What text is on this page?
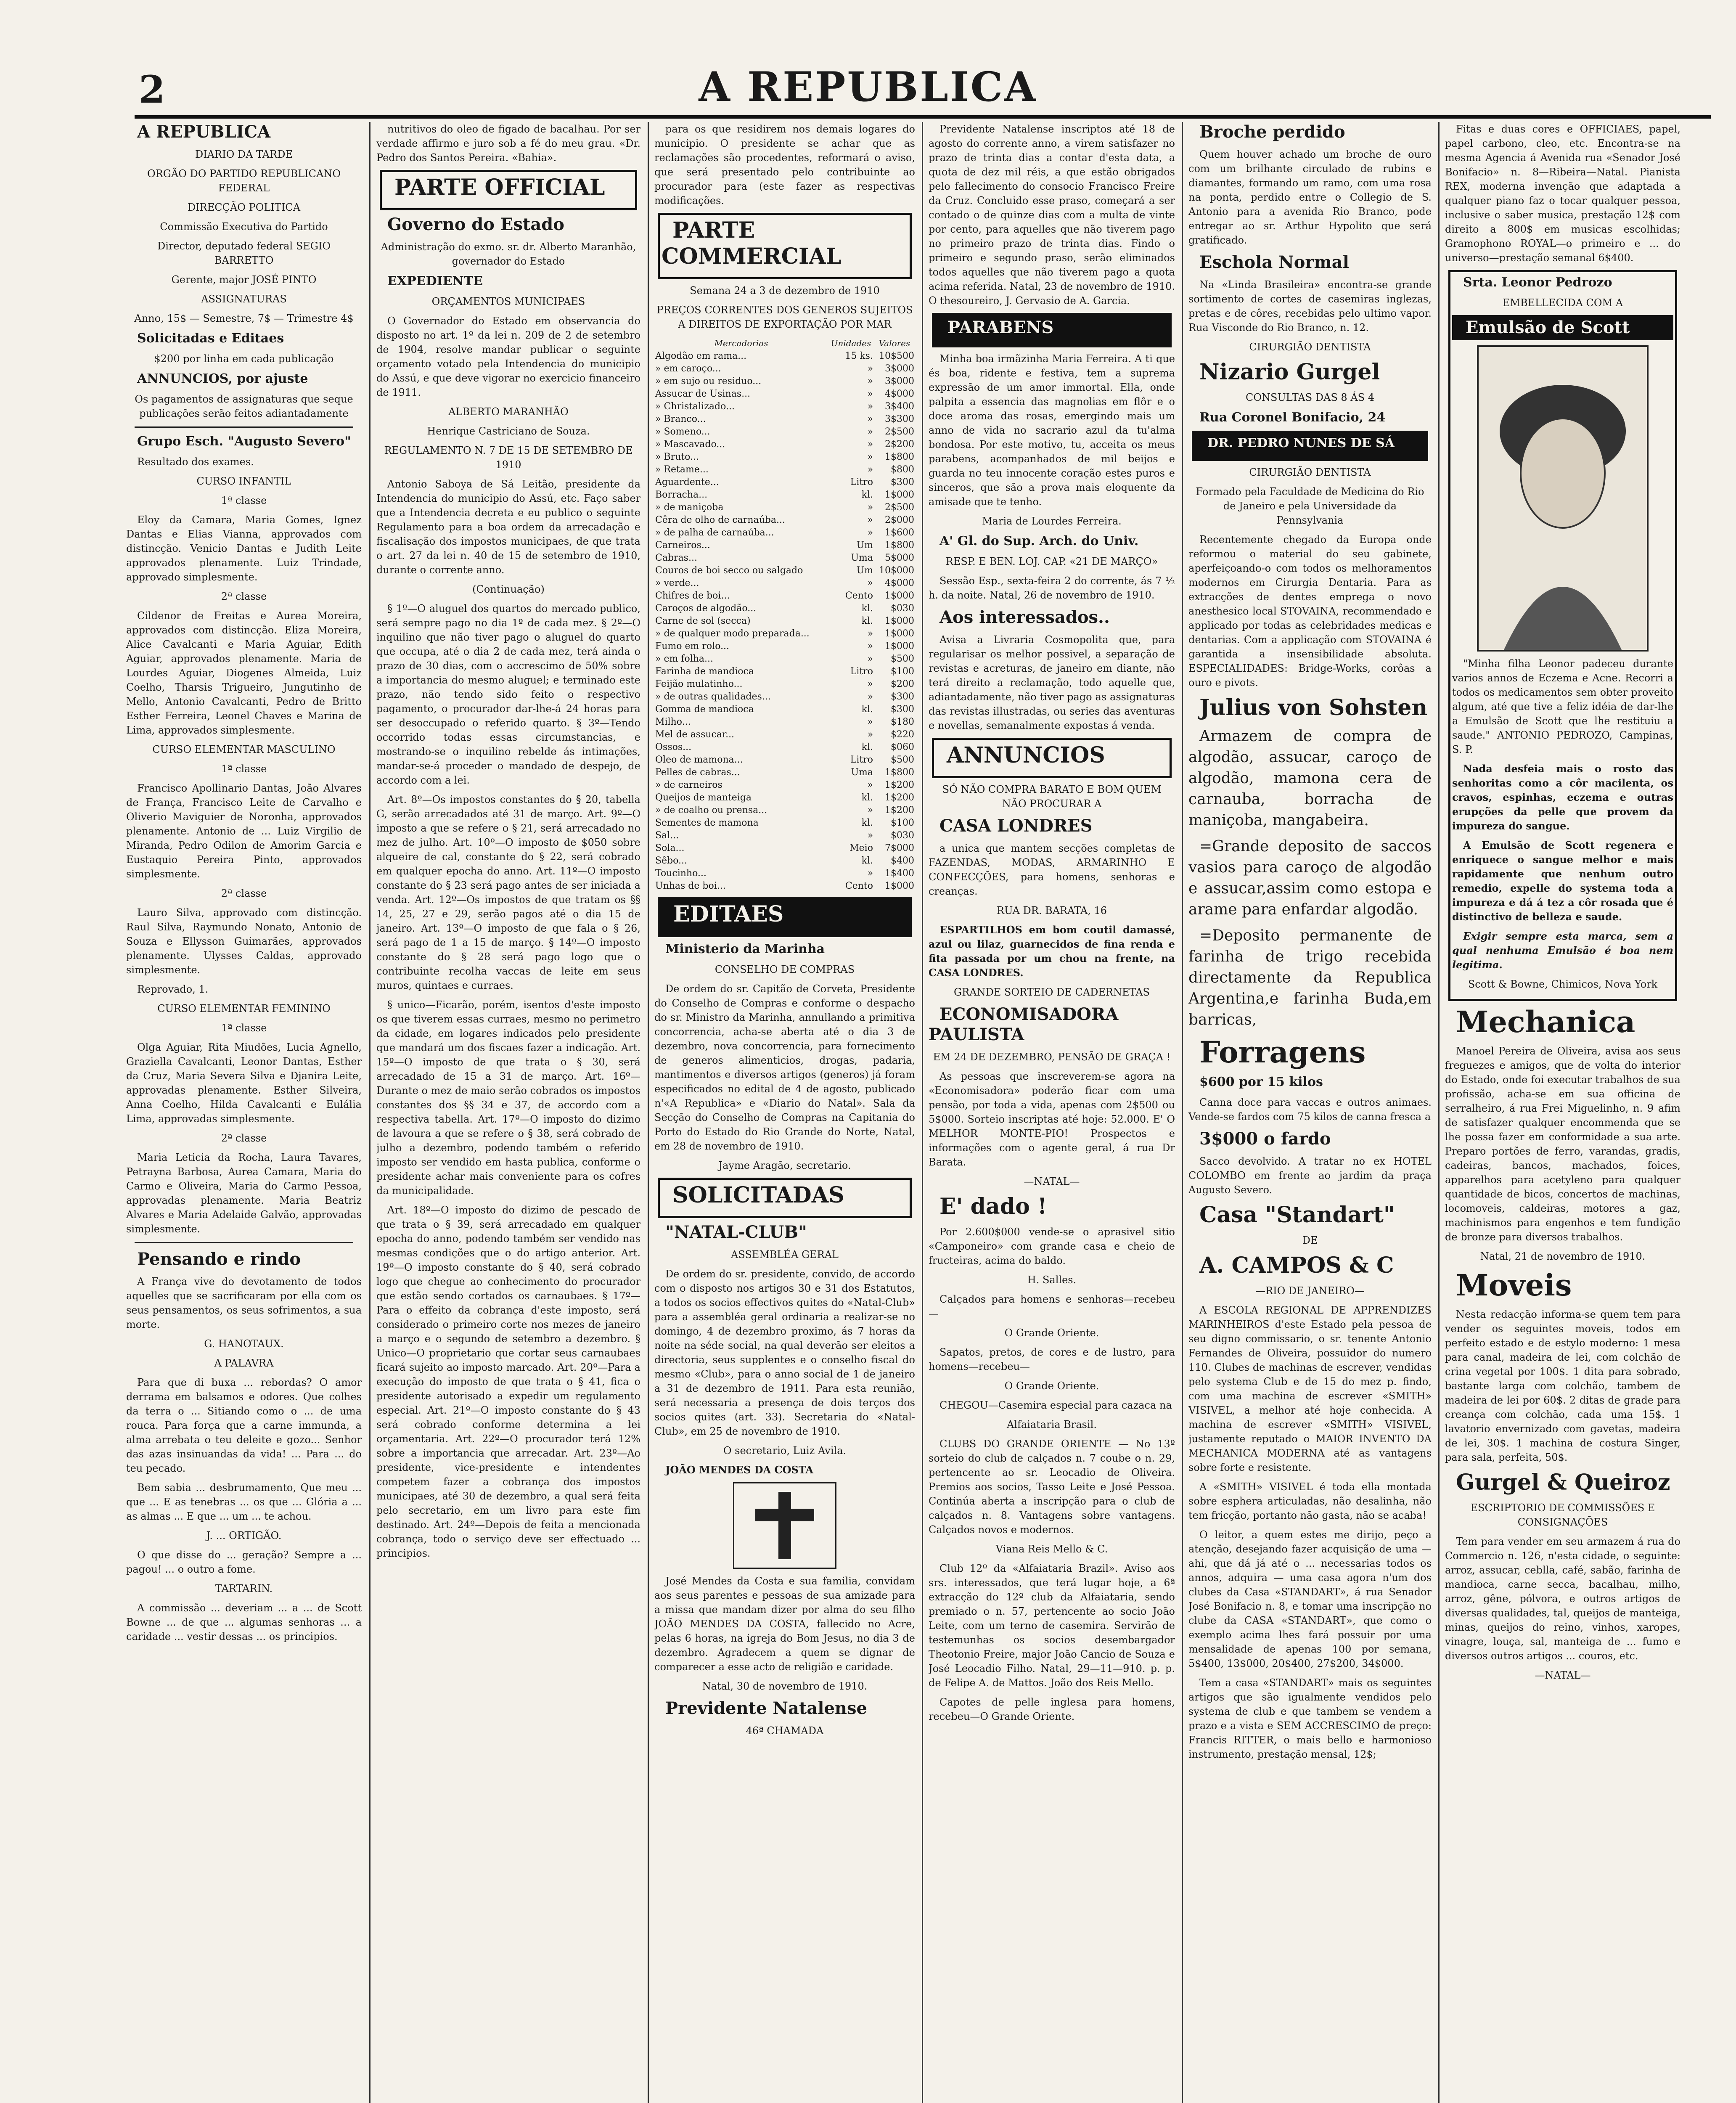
2	A REPUBLICA

A REPUBLICA

DIARIO DA TARDE

ORGÃO DO PARTIDO REPUBLICANO FEDERAL

DIRECÇÃO POLITICA

Commissão Executiva do Partido

Director, deputado federal SEGIO BARRETTO

Gerente, major JOSÉ PINTO

ASSIGNATURAS

Anno, 15$ — Semestre, 7$ — Trimestre 4$

Solicitadas e Editaes

$200 por linha em cada publicação

ANNUNCIOS, por ajuste

Os pagamentos de assignaturas que seque publicações serão feitos adiantadamente

Grupo Esch. "Augusto Severo"

Resultado dos exames.

CURSO INFANTIL

1ª classe

Eloy da Camara, Maria Gomes, Ignez Dantas e Elias Vianna, approvados com distincção. Venicio Dantas e Judith Leite approvados plenamente. Luiz Trindade, approvado simplesmente.

2ª classe

Cildenor de Freitas e Aurea Moreira, approvados com distincção. Eliza Moreira, Alice Cavalcanti e Maria Aguiar, Edith Aguiar, approvados plenamente. Maria de Lourdes Aguiar, Diogenes Almeida, Luiz Coelho, Tharsis Trigueiro, Jungutinho de Mello, Antonio Cavalcanti, Pedro de Britto Esther Ferreira, Leonel Chaves e Marina de Lima, approvados simplesmente.

CURSO ELEMENTAR MASCULINO

1ª classe

Francisco Apollinario Dantas, João Alvares de França, Francisco Leite de Carvalho e Oliverio Maviguier de Noronha, approvados plenamente. Antonio de ... Luiz Virgilio de Miranda, Pedro Odilon de Amorim Garcia e Eustaquio Pereira Pinto, approvados simplesmente.

2ª classe

Lauro Silva, approvado com distincção. Raul Silva, Raymundo Nonato, Antonio de Souza e Ellysson Guimarães, approvados plenamente. Ulysses Caldas, approvado simplesmente.

Reprovado, 1.

CURSO ELEMENTAR FEMININO

1ª classe

Olga Aguiar, Rita Miudões, Lucia Agnello, Graziella Cavalcanti, Leonor Dantas, Esther da Cruz, Maria Severa Silva e Djanira Leite, approvadas plenamente. Esther Silveira, Anna Coelho, Hilda Cavalcanti e Eulália Lima, approvadas simplesmente.

2ª classe

Maria Leticia da Rocha, Laura Tavares, Petrayna Barbosa, Aurea Camara, Maria do Carmo e Oliveira, Maria do Carmo Pessoa, approvadas plenamente. Maria Beatriz Alvares e Maria Adelaide Galvão, approvadas simplesmente.

Pensando e rindo

A França vive do devotamento de todos aquelles que se sacrificaram por ella com os seus pensamentos, os seus sofrimentos, a sua morte.

G. HANOTAUX.

A PALAVRA

Para que di buxa ... rebordas? O amor derrama em balsamos e odores. Que colhes da terra o ... Sitiando como o ... de uma rouca. Para força que a carne immunda, a alma arrebata o teu deleite e gozo... Senhor das azas insinuandas da vida! ... Para ... do teu pecado.

Bem sabia ... desbrumamento, Que meu ... que ... E as tenebras ... os que ... Glória a ... as almas ... E que ... um ... te achou.

J. ... ORTIGÃO.

O que disse do ... geração? Sempre a ... pagou! ... o outro a fome.

TARTARIN.

A commissão ... deveriam ... a ... de Scott Bowne ... de que ... algumas senhoras ... a caridade ... vestir dessas ... os principios.

nutritivos do oleo de figado de bacalhau. Por ser verdade affirmo e juro sob a fé do meu grau. «Dr. Pedro dos Santos Pereira. «Bahia».

PARTE OFFICIAL

Governo do Estado

Administração do exmo. sr. dr. Alberto Maranhão, governador do Estado

EXPEDIENTE

ORÇAMENTOS MUNICIPAES

O Governador do Estado em observancia do disposto no art. 1º da lei n. 209 de 2 de setembro de 1904, resolve mandar publicar o seguinte orçamento votado pela Intendencia do municipio do Assú, e que deve vigorar no exercicio financeiro de 1911.

ALBERTO MARANHÃO

Henrique Castriciano de Souza.

REGULAMENTO N. 7 DE 15 DE SETEMBRO DE 1910

Antonio Saboya de Sá Leitão, presidente da Intendencia do municipio do Assú, etc. Faço saber que a Intendencia decreta e eu publico o seguinte Regulamento para a boa ordem da arrecadação e fiscalisação dos impostos municipaes, de que trata o art. 27 da lei n. 40 de 15 de setembro de 1910, durante o corrente anno.

(Continuação)

§ 1º—O aluguel dos quartos do mercado publico, será sempre pago no dia 1º de cada mez. § 2º—O inquilino que não tiver pago o aluguel do quarto que occupa, até o dia 2 de cada mez, terá ainda o prazo de 30 dias, com o accrescimo de 50% sobre a importancia do mesmo aluguel; e terminado este prazo, não tendo sido feito o respectivo pagamento, o procurador dar-lhe-á 24 horas para ser desoccupado o referido quarto. § 3º—Tendo occorrido todas essas circumstancias, e mostrando-se o inquilino rebelde ás intimações, mandar-se-á proceder o mandado de despejo, de accordo com a lei.

Art. 8º—Os impostos constantes do § 20, tabella G, serão arrecadados até 31 de março. Art. 9º—O imposto a que se refere o § 21, será arrecadado no mez de julho. Art. 10º—O imposto de $050 sobre alqueire de cal, constante do § 22, será cobrado em qualquer epocha do anno. Art. 11º—O imposto constante do § 23 será pago antes de ser iniciada a venda. Art. 12º—Os impostos de que tratam os §§ 14, 25, 27 e 29, serão pagos até o dia 15 de janeiro. Art. 13º—O imposto de que fala o § 26, será pago de 1 a 15 de março. § 14º—O imposto constante do § 28 será pago logo que o contribuinte recolha vaccas de leite em seus muros, quintaes e curraes.

§ unico—Ficarão, porém, isentos d'este imposto os que tiverem essas curraes, mesmo no perimetro da cidade, em logares indicados pelo presidente que mandará um dos fiscaes fazer a indicação. Art. 15º—O imposto de que trata o § 30, será arrecadado de 15 a 31 de março. Art. 16º—Durante o mez de maio serão cobrados os impostos constantes dos §§ 34 e 37, de accordo com a respectiva tabella. Art. 17º—O imposto do dizimo de lavoura a que se refere o § 38, será cobrado de julho a dezembro, podendo também o referido imposto ser vendido em hasta publica, conforme o presidente achar mais conveniente para os cofres da municipalidade.

Art. 18º—O imposto do dizimo de pescado de que trata o § 39, será arrecadado em qualquer epocha do anno, podendo também ser vendido nas mesmas condições que o do artigo anterior. Art. 19º—O imposto constante do § 40, será cobrado logo que chegue ao conhecimento do procurador que estão sendo cortados os carnaubaes. § 17º—Para o effeito da cobrança d'este imposto, será considerado o primeiro corte nos mezes de janeiro a março e o segundo de setembro a dezembro. § Unico—O proprietario que cortar seus carnaubaes ficará sujeito ao imposto marcado. Art. 20º—Para a execução do imposto de que trata o § 41, fica o presidente autorisado a expedir um regulamento especial. Art. 21º—O imposto constante do § 43 será cobrado conforme determina a lei orçamentaria. Art. 22º—O procurador terá 12% sobre a importancia que arrecadar. Art. 23º—Ao presidente, vice-presidente e intendentes competem fazer a cobrança dos impostos municipaes, até 30 de dezembro, a qual será feita pelo secretario, em um livro para este fim destinado. Art. 24º—Depois de feita a mencionada cobrança, todo o serviço deve ser effectuado ... principios.

para os que residirem nos demais logares do municipio. O presidente se achar que as reclamações são procedentes, reformará o aviso, que será presentado pelo contribuinte ao procurador para (este fazer as respectivas modificações.

PARTE COMMERCIAL

Semana 24 a 3 de dezembro de 1910

PREÇOS CORRENTES DOS GENEROS SUJEITOS A DIREITOS DE EXPORTAÇÃO POR MAR

Mercadorias	Unidades	Valores
Algodão em rama...	15 ks.	10$500
» em caroço...	»	3$000
» em sujo ou residuo...	»	3$000
Assucar de Usinas...	»	4$000
» Christalizado...	»	3$400
» Branco...	»	3$300
» Someno...	»	2$500
» Mascavado...	»	2$200
» Bruto...	»	1$800
» Retame...	»	$800
Aguardente...	Litro	$300
Borracha...	kl.	1$000
» de maniçoba	»	2$500
Cêra de olho de carnaúba...	»	2$000
» de palha de carnaúba...	»	1$600
Carneiros...	Um	1$800
Cabras...	Uma	5$000
Couros de boi secco ou salgado	Um	10$000
» verde...	»	4$000
Chifres de boi...	Cento	1$000
Caroços de algodão...	kl.	$030
Carne de sol (secca)	kl.	1$000
» de qualquer modo preparada...	»	1$000
Fumo em rolo...	»	1$000
» em folha...	»	$500
Farinha de mandioca	Litro	$100
Feijão mulatinho...	»	$200
» de outras qualidades...	»	$300
Gomma de mandioca	kl.	$300
Milho...	»	$180
Mel de assucar...	»	$220
Ossos...	kl.	$060
Oleo de mamona...	Litro	$500
Pelles de cabras...	Uma	1$800
» de carneiros	»	1$200
Queijos de manteiga	kl.	1$200
» de coalho ou prensa...	»	1$200
Sementes de mamona	kl.	$100
Sal...	»	$030
Sola...	Meio	7$000
Sêbo...	kl.	$400
Toucinho...	»	1$400
Unhas de boi...	Cento	1$000

EDITAES

Ministerio da Marinha

CONSELHO DE COMPRAS

De ordem do sr. Capitão de Corveta, Presidente do Conselho de Compras e conforme o despacho do sr. Ministro da Marinha, annullando a primitiva concorrencia, acha-se aberta até o dia 3 de dezembro, nova concorrencia, para fornecimento de generos alimenticios, drogas, padaria, mantimentos e diversos artigos (generos) já foram especificados no edital de 4 de agosto, publicado n'«A Republica» e «Diario do Natal». Sala da Secção do Conselho de Compras na Capitania do Porto do Estado do Rio Grande do Norte, Natal, em 28 de novembro de 1910.

Jayme Aragão, secretario.

SOLICITADAS

"NATAL-CLUB"

ASSEMBLÉA GERAL

De ordem do sr. presidente, convido, de accordo com o disposto nos artigos 30 e 31 dos Estatutos, a todos os socios effectivos quites do «Natal-Club» para a assembléa geral ordinaria a realizar-se no domingo, 4 de dezembro proximo, ás 7 horas da noite na séde social, na qual deverão ser eleitos a directoria, seus supplentes e o conselho fiscal do mesmo «Club», para o anno social de 1 de janeiro a 31 de dezembro de 1911. Para esta reunião, será necessaria a presença de dois terços dos socios quites (art. 33). Secretaria do «Natal-Club», em 25 de novembro de 1910.

O secretario, Luiz Avila.

JOÃO MENDES DA COSTA

José Mendes da Costa e sua familia, convidam aos seus parentes e pessoas de sua amizade para a missa que mandam dizer por alma do seu filho JOÃO MENDES DA COSTA, fallecido no Acre, pelas 6 horas, na igreja do Bom Jesus, no dia 3 de dezembro. Agradecem a quem se dignar de comparecer a esse acto de religião e caridade.

Natal, 30 de novembro de 1910.

Previdente Natalense

46ª CHAMADA

Previdente Natalense inscriptos até 18 de agosto do corrente anno, a virem satisfazer no prazo de trinta dias a contar d'esta data, a quota de dez mil réis, a que estão obrigados pelo fallecimento do consocio Francisco Freire da Cruz. Concluido esse praso, começará a ser contado o de quinze dias com a multa de vinte por cento, para aquelles que não tiverem pago no primeiro prazo de trinta dias. Findo o primeiro e segundo praso, serão eliminados todos aquelles que não tiverem pago a quota acima referida. Natal, 23 de novembro de 1910. O thesoureiro, J. Gervasio de A. Garcia.

PARABENS

Minha boa irmãzinha Maria Ferreira. A ti que és boa, ridente e festiva, tem a suprema expressão de um amor immortal. Ella, onde palpita a essencia das magnolias em flôr e o doce aroma das rosas, emergindo mais um anno de vida no sacrario azul da tu'alma bondosa. Por este motivo, tu, acceita os meus parabens, acompanhados de mil beijos e guarda no teu innocente coração estes puros e sinceros, que são a prova mais eloquente da amisade que te tenho.

Maria de Lourdes Ferreira.

A' Gl. do Sup. Arch. do Univ.

RESP. E BEN. LOJ. CAP. «21 DE MARÇO»

Sessão Esp., sexta-feira 2 do corrente, ás 7 ½ h. da noite. Natal, 26 de novembro de 1910.

Aos interessados..

Avisa a Livraria Cosmopolita que, para regularisar os melhor possivel, a separação de revistas e acreturas, de janeiro em diante, não terá direito a reclamação, todo aquelle que, adiantadamente, não tiver pago as assignaturas das revistas illustradas, ou series das aventuras e novellas, semanalmente expostas á venda.

ANNUNCIOS

SÓ NÃO COMPRA BARATO E BOM QUEM NÃO PROCURAR A

CASA LONDRES

a unica que mantem secções completas de FAZENDAS, MODAS, ARMARINHO E CONFECÇÕES, para homens, senhoras e creanças.

RUA DR. BARATA, 16

ESPARTILHOS em bom coutil damassé, azul ou lilaz, guarnecidos de fina renda e fita passada por um chou na frente, na CASA LONDRES.

GRANDE SORTEIO DE CADERNETAS

ECONOMISADORA PAULISTA

EM 24 DE DEZEMBRO, PENSÃO DE GRAÇA !

As pessoas que inscreverem-se agora na «Economisadora» poderão ficar com uma pensão, por toda a vida, apenas com 2$500 ou 5$000. Sorteio inscriptas até hoje: 52.000. E' O MELHOR MONTE-PIO! Prospectos e informações com o agente geral, á rua Dr Barata.

—NATAL—

E' dado !

Por 2.600$000 vende-se o aprasivel sitio «Camponeiro» com grande casa e cheio de fructeiras, acima do baldo.

H. Salles.

Calçados para homens e senhoras—recebeu—

O Grande Oriente.

Sapatos, pretos, de cores e de lustro, para homens—recebeu—

O Grande Oriente.

CHEGOU—Casemira especial para cazaca na

Alfaiataria Brasil.

CLUBS DO GRANDE ORIENTE — No 13º sorteio do club de calçados n. 7 coube o n. 29, pertencente ao sr. Leocadio de Oliveira. Premios aos socios, Tasso Leite e José Pessoa. Continúa aberta a inscripção para o club de calçados n. 8. Vantagens sobre vantagens. Calçados novos e modernos.

Viana Reis Mello & C.

Club 12º da «Alfaiataria Brazil». Aviso aos srs. interessados, que terá lugar hoje, a 6ª extracção do 12º club da Alfaiataria, sendo premiado o n. 57, pertencente ao socio João Leite, com um terno de casemira. Servirão de testemunhas os socios desembargador Theotonio Freire, major João Cancio de Souza e José Leocadio Filho. Natal, 29—11—910. p. p. de Felipe A. de Mattos. João dos Reis Mello.

Capotes de pelle inglesa para homens, recebeu—O Grande Oriente.

Broche perdido

Quem houver achado um broche de ouro com um brilhante circulado de rubins e diamantes, formando um ramo, com uma rosa na ponta, perdido entre o Collegio de S. Antonio para a avenida Rio Branco, pode entregar ao sr. Arthur Hypolito que será gratificado.

Eschola Normal

Na «Linda Brasileira» encontra-se grande sortimento de cortes de casemiras inglezas, pretas e de côres, recebidas pelo ultimo vapor. Rua Visconde do Rio Branco, n. 12.

CIRURGIÃO DENTISTA

Nizario Gurgel

CONSULTAS DAS 8 ÁS 4

Rua Coronel Bonifacio, 24

DR. PEDRO NUNES DE SÁ

CIRURGIÃO DENTISTA

Formado pela Faculdade de Medicina do Rio de Janeiro e pela Universidade da Pennsylvania

Recentemente chegado da Europa onde reformou o material do seu gabinete, aperfeiçoando-o com todos os melhoramentos modernos em Cirurgia Dentaria. Para as extracções de dentes emprega o novo anesthesico local STOVAINA, recommendado e applicado por todas as celebridades medicas e dentarias. Com a applicação com STOVAINA é garantida a insensibilidade absoluta. ESPECIALIDADES: Bridge-Works, corôas a ouro e pivots.

Julius von Sohsten

Armazem de compra de algodão, assucar, caroço de algodão, mamona cera de carnauba, borracha de maniçoba, mangabeira.

=Grande deposito de saccos vasios para caroço de algodão e assucar,assim como estopa e arame para enfardar algodão.

=Deposito permanente de farinha de trigo recebida directamente da Republica Argentina,e farinha Buda,em barricas,

Forragens

$600 por 15 kilos

Canna doce para vaccas e outros animaes. Vende-se fardos com 75 kilos de canna fresca a

3$000 o fardo

Sacco devolvido. A tratar no ex HOTEL COLOMBO em frente ao jardim da praça Augusto Severo.

Casa "Standart"

DE

A. CAMPOS & C

—RIO DE JANEIRO—

A ESCOLA REGIONAL DE APPRENDIZES MARINHEIROS d'este Estado pela pessoa de seu digno commissario, o sr. tenente Antonio Fernandes de Oliveira, possuidor do numero 110. Clubes de machinas de escrever, vendidas pelo systema Club e de 15 do mez p. findo, com uma machina de escrever «SMITH» VISIVEL, a melhor até hoje conhecida. A machina de escrever «SMITH» VISIVEL, justamente reputado o MAIOR INVENTO DA MECHANICA MODERNA até as vantagens sobre forte e resistente.

A «SMITH» VISIVEL é toda ella montada sobre esphera articuladas, não desalinha, não tem fricção, portanto não gasta, não se acaba!

O leitor, a quem estes me dirijo, peço a atenção, desejando fazer acquisição de uma —ahi, que dá já até o ... necessarias todos os annos, adquira — uma casa agora n'um dos clubes da Casa «STANDART», á rua Senador José Bonifacio n. 8, e tomar uma inscripção no clube da CASA «STANDART», que como o exemplo acima lhes fará possuir por uma mensalidade de apenas 100 por semana, 5$400, 13$000, 20$400, 27$200, 34$000.

Tem a casa «STANDART» mais os seguintes artigos que são igualmente vendidos pelo systema de club e que tambem se vendem a prazo e a vista e SEM ACCRESCIMO de preço: Francis RITTER, o mais bello e harmonioso instrumento, prestação mensal, 12$;

Fitas e duas cores e OFFICIAES, papel, papel carbono, cleo, etc. Encontra-se na mesma Agencia á Avenida rua «Senador José Bonifacio» n. 8—Ribeira—Natal. Pianista REX, moderna invenção que adaptada a qualquer piano faz o tocar qualquer pessoa, inclusive o saber musica, prestação 12$ com direito a 800$ em musicas escolhidas; Gramophono ROYAL—o primeiro e ... do universo—prestação semanal 6$400.

Srta. Leonor Pedrozo

EMBELLECIDA COM A

Emulsão de Scott

"Minha filha Leonor padeceu durante varios annos de Eczema e Acne. Recorri a todos os medicamentos sem obter proveito algum, até que tive a feliz idéia de dar-lhe a Emulsão de Scott que lhe restituiu a saude." ANTONIO PEDROZO, Campinas, S. P.

Nada desfeia mais o rosto das senhoritas como a côr macilenta, os cravos, espinhas, eczema e outras erupções da pelle que provem da impureza do sangue.

A Emulsão de Scott regenera e enriquece o sangue melhor e mais rapidamente que nenhum outro remedio, expelle do systema toda a impureza e dá á tez a côr rosada que é distinctivo de belleza e saude.

Exigir sempre esta marca, sem a qual nenhuma Emulsão é boa nem legitima.

Scott & Bowne, Chimicos, Nova York

Mechanica

Manoel Pereira de Oliveira, avisa aos seus freguezes e amigos, que de volta do interior do Estado, onde foi executar trabalhos de sua profissão, acha-se em sua officina de serralheiro, á rua Frei Miguelinho, n. 9 afim de satisfazer qualquer encommenda que se lhe possa fazer em conformidade a sua arte. Preparo portões de ferro, varandas, gradis, cadeiras, bancos, machados, foices, apparelhos para acetyleno para qualquer quantidade de bicos, concertos de machinas, locomoveis, caldeiras, motores a gaz, machinismos para engenhos e tem fundição de bronze para diversos trabalhos.

Natal, 21 de novembro de 1910.

Moveis

Nesta redacção informa-se quem tem para vender os seguintes moveis, todos em perfeito estado e de estylo moderno: 1 mesa para canal, madeira de lei, com colchão de crina vegetal por 100$. 1 dita para sobrado, bastante larga com colchão, tambem de madeira de lei por 60$. 2 ditas de grade para creança com colchão, cada uma 15$. 1 lavatorio envernizado com gavetas, madeira de lei, 30$. 1 machina de costura Singer, para sala, perfeita, 50$.

Gurgel & Queiroz

ESCRIPTORIO DE COMMISSÕES E CONSIGNAÇÕES

Tem para vender em seu armazem á rua do Commercio n. 126, n'esta cidade, o seguinte: arroz, assucar, ceblla, café, sabão, farinha de mandioca, carne secca, bacalhau, milho, arroz, gêne, pólvora, e outros artigos de diversas qualidades, tal, queijos de manteiga, minas, queijos do reino, vinhos, xaropes, vinagre, louça, sal, manteiga de ... fumo e diversos outros artigos ... couros, etc.

—NATAL—
